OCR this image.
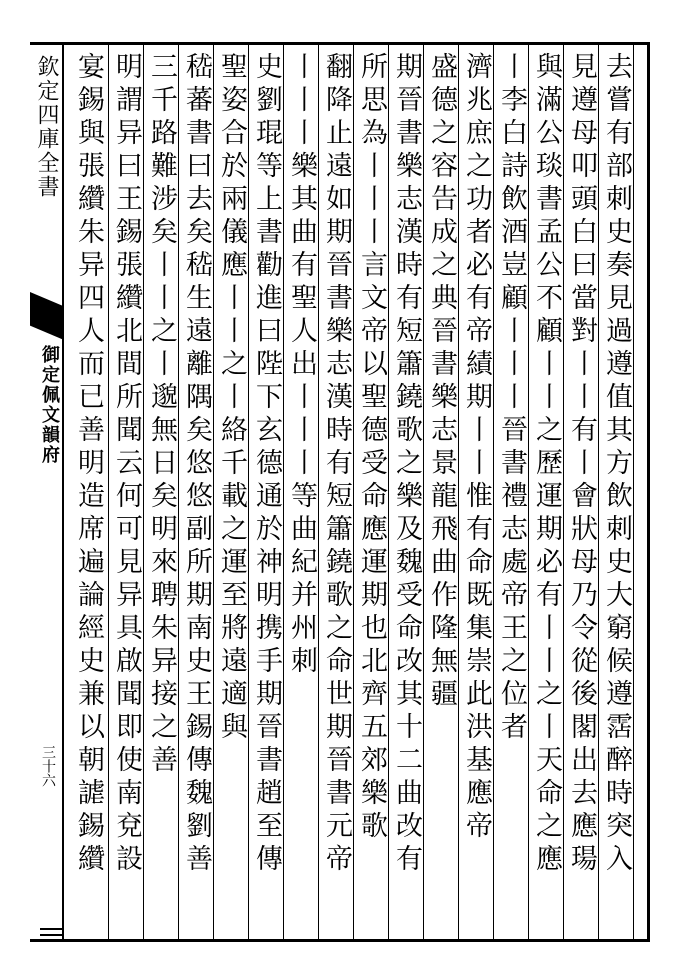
欽定四庫全書
御定佩文韻府
三十六	去嘗有部刺史奏見過遵值其方飲刺史大窮候遵霑醉時突入
見遵母叩頭白曰當對丨丨有丨會狀母乃令從後閣出去應瑒
與滿公琰書孟公不顧丨丨之歷運期必有丨丨之丨天命之應
丨李白詩飲酒豈顧丨丨丨晉書禮志處帝王之位者
濟兆庶之功者必有帝績期丨丨惟有命既集崇此洪基應帝
盛德之容告成之典晉書樂志景龍飛曲作隆無疆
期晉書樂志漢時有短簫鐃歌之樂及魏受命改其十二曲改有
所思為丨丨丨言文帝以聖德受命應運期也北齊五郊樂歌
翻降止遠如期晉書樂志漢時有短簫鐃歌之命世期晉書元帝
丨丨丨樂其曲有聖人出丨丨丨等曲紀并州刺
史劉琨等上書勸進曰陛下玄德通於神明携手期晉書趙至傳
聖姿合於兩儀應丨丨之丨絡千載之運至將遠適與
嵇蕃書曰去矣嵇生遠離隅矣悠悠副所期南史王錫傳魏劉善
三千路難涉矣丨丨之丨邈無日矣明來聘朱异接之善
明謂异曰王錫張纘北間所聞云何可見异具啟聞即使南兗設
宴錫與張纘朱异四人而已善明造席遍論經史兼以朝謔錫纘
